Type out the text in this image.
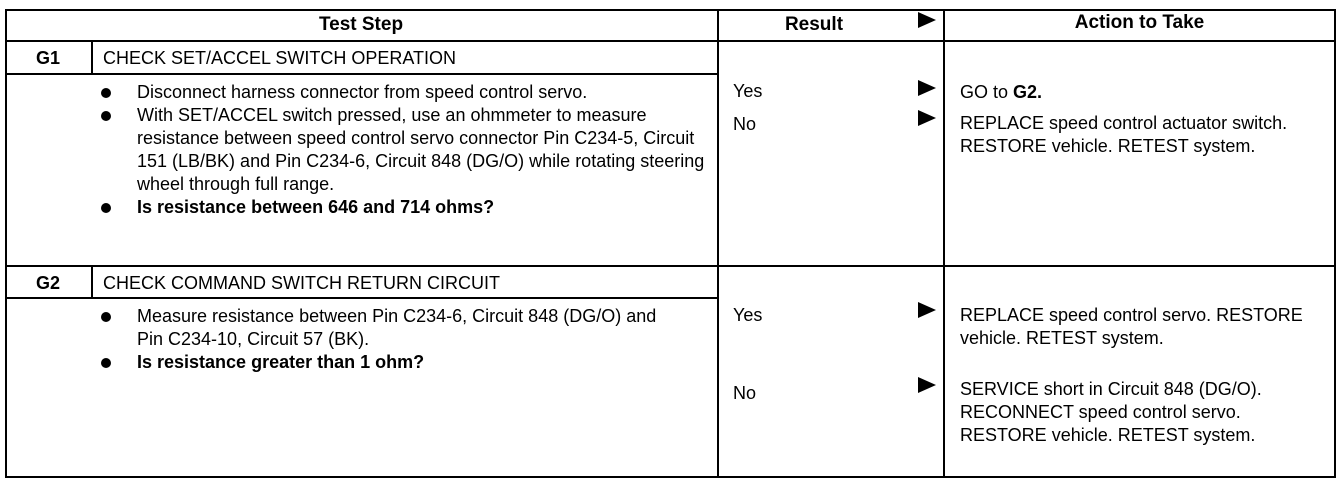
Test Step	Result	Action to Take
G1	CHECK SET/ACCEL SWITCH OPERATION
Disconnect harness connector from speed control servo.
With SET/ACCEL switch pressed, use an ohmmeter to measure resistance between speed control servo connector Pin C234-5, Circuit 151 (LB/BK) and Pin C234-6, Circuit 848 (DG/O) while rotating steering wheel through full range.
Is resistance between 646 and 714 ohms?
Yes	GO to G2.
No	REPLACE speed control actuator switch. RESTORE vehicle. RETEST system.
G2	CHECK COMMAND SWITCH RETURN CIRCUIT
Measure resistance between Pin C234-6, Circuit 848 (DG/O) and Pin C234-10, Circuit 57 (BK).
Is resistance greater than 1 ohm?
Yes	REPLACE speed control servo. RESTORE vehicle. RETEST system.
No	SERVICE short in Circuit 848 (DG/O). RECONNECT speed control servo. RESTORE vehicle. RETEST system.
